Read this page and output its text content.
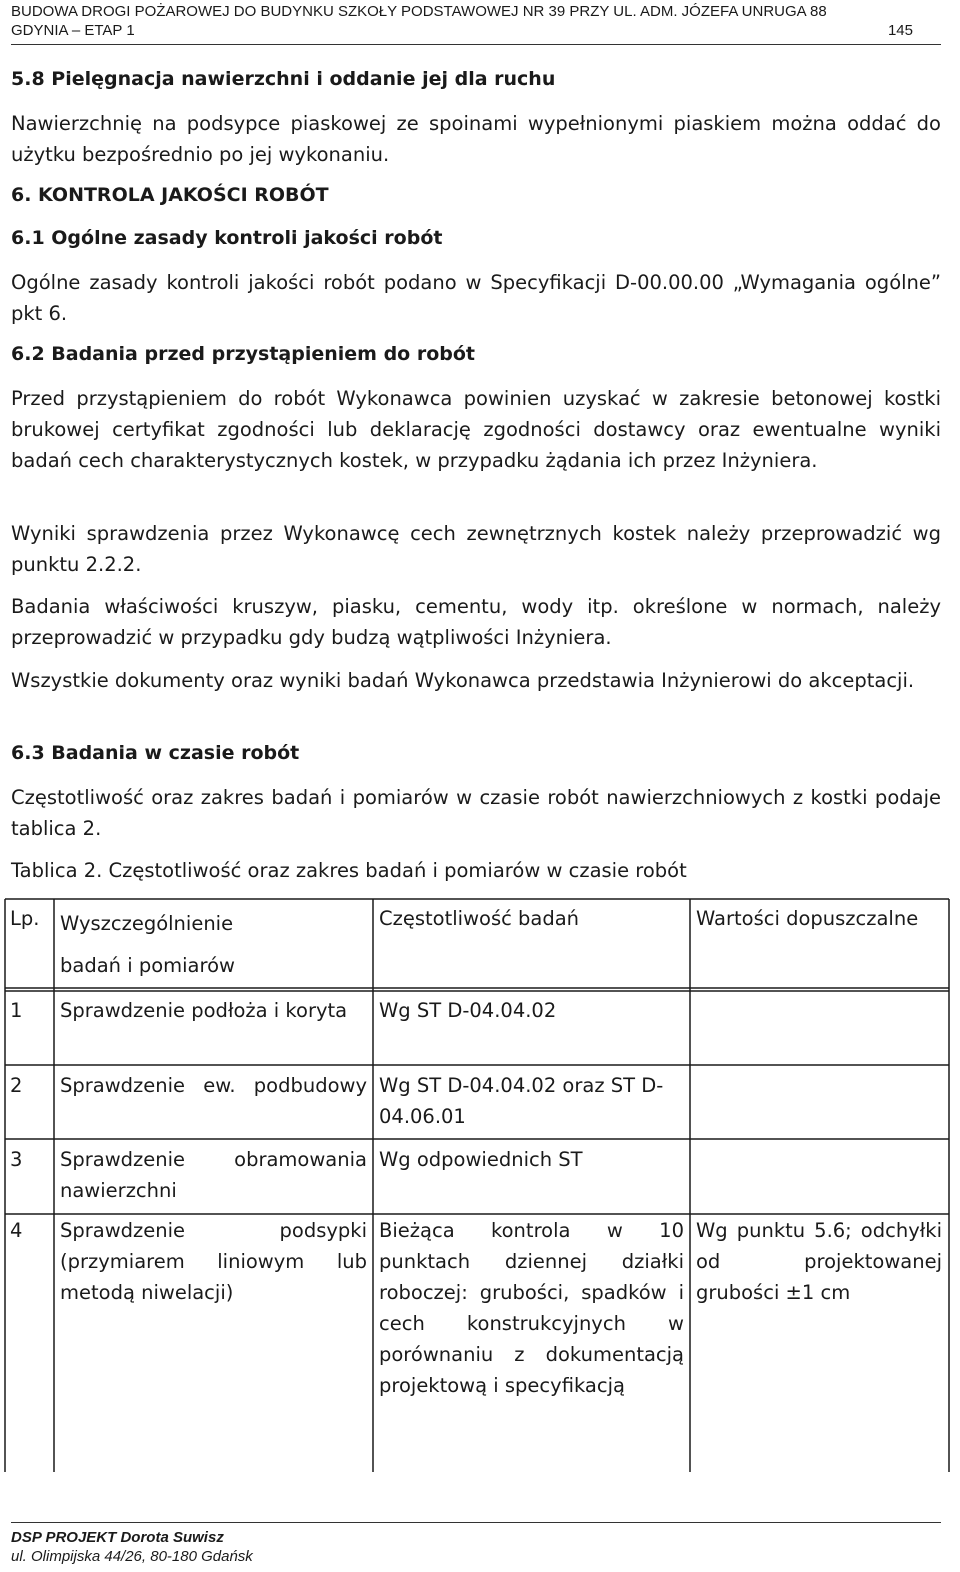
BUDOWA DROGI POŻAROWEJ DO BUDYNKU SZKOŁY PODSTAWOWEJ NR 39 PRZY UL. ADM. JÓZEFA UNRUGA 88
GDYNIA – ETAP 1	145
5.8 Pielęgnacja nawierzchni i oddanie jej dla ruchu

Nawierzchnię na podsypce piaskowej ze spoinami wypełnionymi piaskiem można oddać do użytku bezpośrednio po jej wykonaniu.

6. KONTROLA JAKOŚCI ROBÓT
6.1 Ogólne zasady kontroli jakości robót

Ogólne zasady kontroli jakości robót podano w Specyfikacji D-00.00.00 „Wymagania ogólne” pkt 6.

6.2 Badania przed przystąpieniem do robót

Przed przystąpieniem do robót Wykonawca powinien uzyskać w zakresie betonowej kostki brukowej certyfikat zgodności lub deklarację zgodności dostawcy oraz ewentualne wyniki badań cech charakterystycznych kostek, w przypadku żądania ich przez Inżyniera.

Wyniki sprawdzenia przez Wykonawcę cech zewnętrznych kostek należy przeprowadzić wg punktu 2.2.2.

Badania właściwości kruszyw, piasku, cementu, wody itp. określone w normach, należy przeprowadzić w przypadku gdy budzą wątpliwości Inżyniera.

Wszystkie dokumenty oraz wyniki badań Wykonawca przedstawia Inżynierowi do akceptacji.

6.3 Badania w czasie robót

Częstotliwość oraz zakres badań i pomiarów w czasie robót nawierzchniowych z kostki podaje tablica 2.

Tablica 2. Częstotliwość oraz zakres badań i pomiarów w czasie robót

Lp.	Wyszczególnienie badań i pomiarów	Częstotliwość badań	Wartości dopuszczalne
1	Sprawdzenie podłoża i koryta	Wg ST D-04.04.02	
2	Sprawdzenie ew. podbudowy	Wg ST D-04.04.02 oraz ST D-04.06.01	
3	Sprawdzenie obramowania nawierzchni	Wg odpowiednich ST	
4	Sprawdzenie podsypki (przymiarem liniowym lub metodą niwelacji)	Bieżąca kontrola w 10 punktach dziennej działki roboczej: grubości, spadków i cech konstrukcyjnych w porównaniu z dokumentacją projektową i specyfikacją	Wg punktu 5.6; odchyłki od projektowanej grubości ±1 cm
DSP PROJEKT Dorota Suwisz
ul. Olimpijska 44/26, 80-180 Gdańsk
